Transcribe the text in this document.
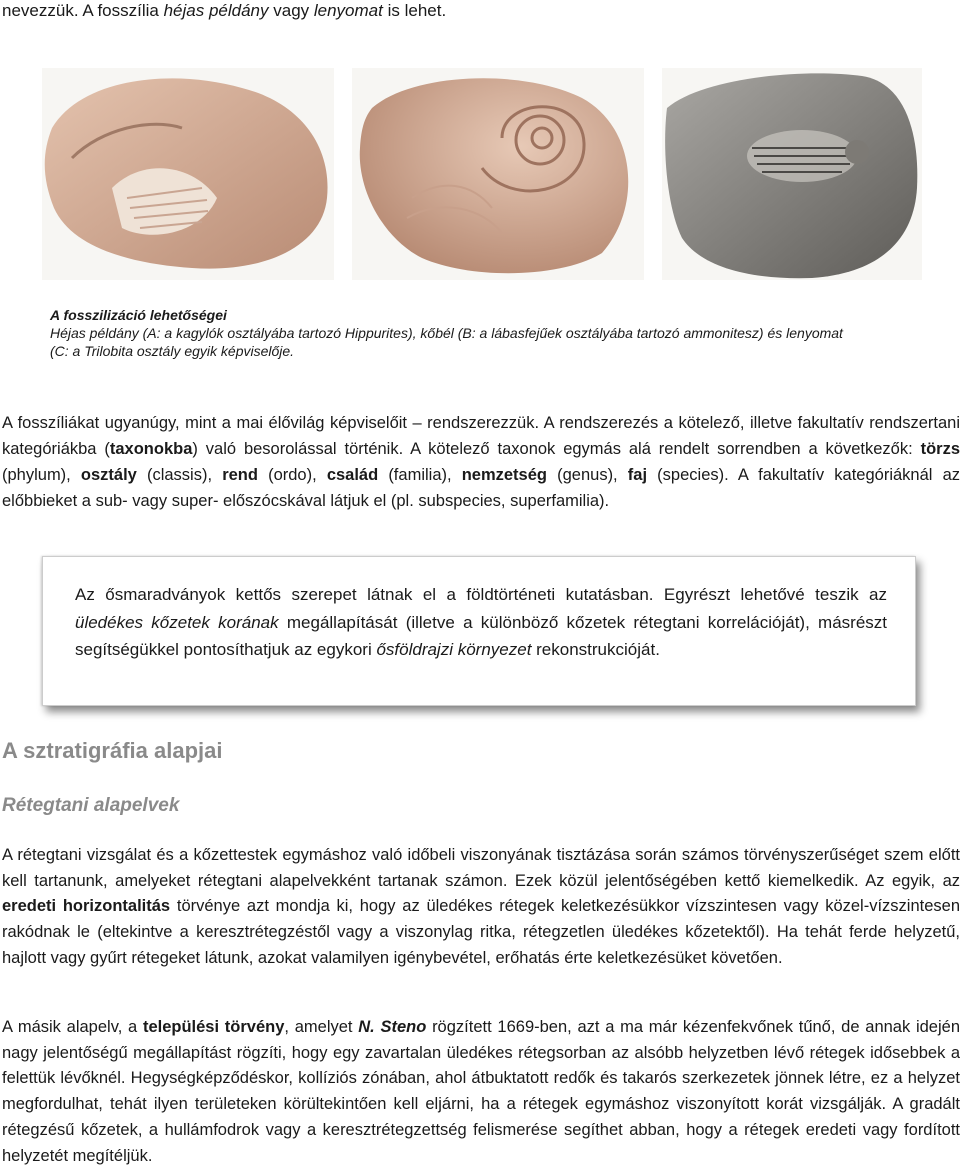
nevezzük. A fosszília héjas példány vagy lenyomat is lehet.
A fosszilizáció lehetőségei
Héjas példány (A: a kagylók osztályába tartozó Hippurites), kőbél (B: a lábasfejűek osztályába tartozó ammonitesz) és lenyomat
(C: a Trilobita osztály egyik képviselője.
A fosszíliákat ugyanúgy, mint a mai élővilág képviselőit – rendszerezzük. A rendszerezés a kötelező, illetve fakultatív rendszertani kategóriákba (taxonokba) való besorolással történik. A kötelező taxonok egymás alá rendelt sorrendben a következők: törzs (phylum), osztály (classis), rend (ordo), család (familia), nemzetség (genus), faj (species). A fakultatív kategóriáknál az előbbieket a sub- vagy super- előszócskával látjuk el (pl. subspecies, superfamilia).
Az ősmaradványok kettős szerepet látnak el a földtörténeti kutatásban. Egyrészt lehetővé teszik az üledékes kőzetek korának megállapítását (illetve a különböző kőzetek rétegtani korrelációját), másrészt segítségükkel pontosíthatjuk az egykori ősföldrajzi környezet rekonstrukcióját.
A sztratigráfia alapjai
Rétegtani alapelvek
A rétegtani vizsgálat és a kőzettestek egymáshoz való időbeli viszonyának tisztázása során számos törvényszerűséget szem előtt kell tartanunk, amelyeket rétegtani alapelvekként tartanak számon. Ezek közül jelentőségében kettő kiemelkedik. Az egyik, az eredeti horizontalitás törvénye azt mondja ki, hogy az üledékes rétegek keletkezésükkor vízszintesen vagy közel-vízszintesen rakódnak le (eltekintve a keresztrétegzéstől vagy a viszonylag ritka, rétegzetlen üledékes kőzetektől). Ha tehát ferde helyzetű, hajlott vagy gyűrt rétegeket látunk, azokat valamilyen igénybevétel, erőhatás érte keletkezésüket követően.
A másik alapelv, a települési törvény, amelyet N. Steno rögzített 1669-ben, azt a ma már kézenfekvőnek tűnő, de annak idején nagy jelentőségű megállapítást rögzíti, hogy egy zavartalan üledékes rétegsorban az alsóbb helyzetben lévő rétegek idősebbek a felettük lévőknél. Hegységképződéskor, kollíziós zónában, ahol átbuktatott redők és takarós szerkezetek jönnek létre, ez a helyzet megfordulhat, tehát ilyen területeken körültekintően kell eljárni, ha a rétegek egymáshoz viszonyított korát vizsgálják. A gradált rétegzésű kőzetek, a hullámfodrok vagy a keresztrétegzettség felismerése segíthet abban, hogy a rétegek eredeti vagy fordított helyzetét megítéljük.
